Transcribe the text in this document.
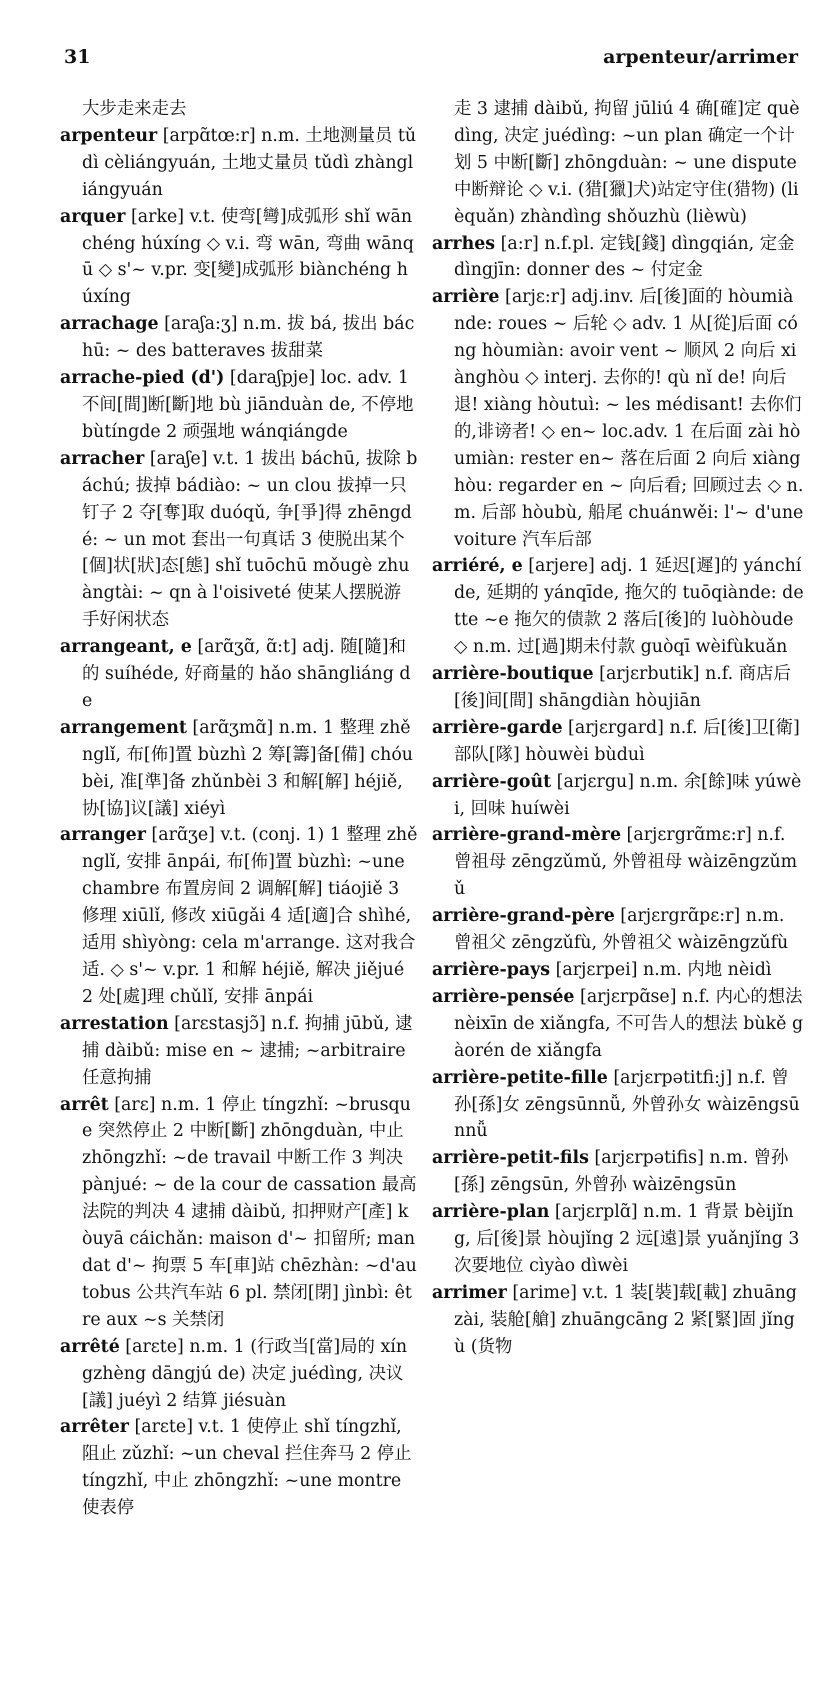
31	arpenteur/arrimer

大步走来走去

arpenteur [arpɑ̃tœ:r] n.m. 土地测量员 tǔdì cèliángyuán, 土地丈量员 tǔdì zhàngliángyuán

arquer [arke] v.t. 使弯[彎]成弧形 shǐ wānchéng húxíng ◇ v.i. 弯 wān, 弯曲 wānqū ◇ s'~ v.pr. 变[變]成弧形 biànchéng húxíng

arrachage [araʃa:ʒ] n.m. 拔 bá, 拔出 báchū: ~ des batteraves 拔甜菜

arrache-pied (d') [daraʃpje] loc. adv. 1 不间[間]断[斷]地 bù jiānduàn de, 不停地 bùtíngde 2 顽强地 wánqiángde

arracher [araʃe] v.t. 1 拔出 báchū, 拔除 báchú; 拔掉 bádiào: ~ un clou 拔掉一只钉子 2 夺[奪]取 duóqǔ, 争[爭]得 zhēngdé: ~ un mot 套出一句真话 3 使脱出某个[個]状[狀]态[態] shǐ tuōchū mǒugè zhuàngtài: ~ qn à l'oisiveté 使某人摆脱游手好闲状态

arrangeant, e [arɑ̃ʒɑ̃, ɑ̃:t] adj. 随[隨]和的 suíhéde, 好商量的 hǎo shāngliáng de

arrangement [arɑ̃ʒmɑ̃] n.m. 1 整理 zhěnglǐ, 布[佈]置 bùzhì 2 筹[籌]备[備] chóubèi, 准[準]备 zhǔnbèi 3 和解[解] héjiě, 协[協]议[議] xiéyì

arranger [arɑ̃ʒe] v.t. (conj. 1) 1 整理 zhěnglǐ, 安排 ānpái, 布[佈]置 bùzhì: ~une chambre 布置房间 2 调解[解] tiáojiě 3 修理 xiūlǐ, 修改 xiūgǎi 4 适[適]合 shìhé, 适用 shìyòng: cela m'arrange. 这对我合适. ◇ s'~ v.pr. 1 和解 héjiě, 解决 jiějué 2 处[處]理 chǔlǐ, 安排 ānpái

arrestation [arɛstasjɔ̃] n.f. 拘捕 jūbǔ, 逮捕 dàibǔ: mise en ~ 逮捕; ~arbitraire 任意拘捕

arrêt [arɛ] n.m. 1 停止 tíngzhǐ: ~brusque 突然停止 2 中断[斷] zhōngduàn, 中止 zhōngzhǐ: ~de travail 中断工作 3 判决 pànjué: ~ de la cour de cassation 最高法院的判决 4 逮捕 dàibǔ, 扣押财产[產] kòuyā cáichǎn: maison d'~ 扣留所; mandat d'~ 拘票 5 车[車]站 chēzhàn: ~d'autobus 公共汽车站 6 pl. 禁闭[閉] jìnbì: être aux ~s 关禁闭

arrêté [arɛte] n.m. 1 (行政当[當]局的 xíngzhèng dāngjú de) 决定 juédìng, 决议[議] juéyì 2 结算 jiésuàn

arrêter [arɛte] v.t. 1 使停止 shǐ tíngzhǐ, 阻止 zǔzhǐ: ~un cheval 拦住奔马 2 停止 tíngzhǐ, 中止 zhōngzhǐ: ~une montre 使表停

走 3 逮捕 dàibǔ, 拘留 jūliú 4 确[確]定 quèdìng, 决定 juédìng: ~un plan 确定一个计划 5 中断[斷] zhōngduàn: ~ une dispute 中断辩论 ◇ v.i. (猎[獵]犬)站定守住(猎物) (lièquǎn) zhàndìng shǒuzhù (lièwù)

arrhes [a:r] n.f.pl. 定钱[錢] dìngqián, 定金 dìngjīn: donner des ~ 付定金

arrière [arjɛ:r] adj.inv. 后[後]面的 hòumiànde: roues ~ 后轮 ◇ adv. 1 从[從]后面 cóng hòumiàn: avoir vent ~ 顺风 2 向后 xiànghòu ◇ interj. 去你的! qù nǐ de! 向后退! xiàng hòutuì: ~ les médisant! 去你们的,诽谤者! ◇ en~ loc.adv. 1 在后面 zài hòumiàn: rester en~ 落在后面 2 向后 xiànghòu: regarder en ~ 向后看; 回顾过去 ◇ n.m. 后部 hòubù, 船尾 chuánwěi: l'~ d'une voiture 汽车后部

arriéré, e [arjere] adj. 1 延迟[遲]的 yánchíde, 延期的 yánqīde, 拖欠的 tuōqiànde: dette ~e 拖欠的债款 2 落后[後]的 luòhòude ◇ n.m. 过[過]期未付款 guòqī wèifùkuǎn

arrière-boutique [arjɛrbutik] n.f. 商店后[後]间[間] shāngdiàn hòujiān

arrière-garde [arjɛrgard] n.f. 后[後]卫[衛]部队[隊] hòuwèi bùduì

arrière-goût [arjɛrgu] n.m. 余[餘]味 yúwèi, 回味 huíwèi

arrière-grand-mère [arjɛrgrɑ̃mɛ:r] n.f. 曾祖母 zēngzǔmǔ, 外曾祖母 wàizēngzǔmǔ

arrière-grand-père [arjɛrgrɑ̃pɛ:r] n.m. 曾祖父 zēngzǔfù, 外曾祖父 wàizēngzǔfù

arrière-pays [arjɛrpei] n.m. 内地 nèidì

arrière-pensée [arjɛrpɑ̃se] n.f. 内心的想法 nèixīn de xiǎngfa, 不可告人的想法 bùkě gàorén de xiǎngfa

arrière-petite-fille [arjɛrpətitfi:j] n.f. 曾孙[孫]女 zēngsūnnǚ, 外曾孙女 wàizēngsūnnǚ

arrière-petit-fils [arjɛrpətifis] n.m. 曾孙[孫] zēngsūn, 外曾孙 wàizēngsūn

arrière-plan [arjɛrplɑ̃] n.m. 1 背景 bèijǐng, 后[後]景 hòujǐng 2 远[遠]景 yuǎnjǐng 3 次要地位 cìyào dìwèi

arrimer [arime] v.t. 1 装[裝]载[載] zhuāngzài, 装舱[艙] zhuāngcāng 2 紧[緊]固 jǐngù (货物
